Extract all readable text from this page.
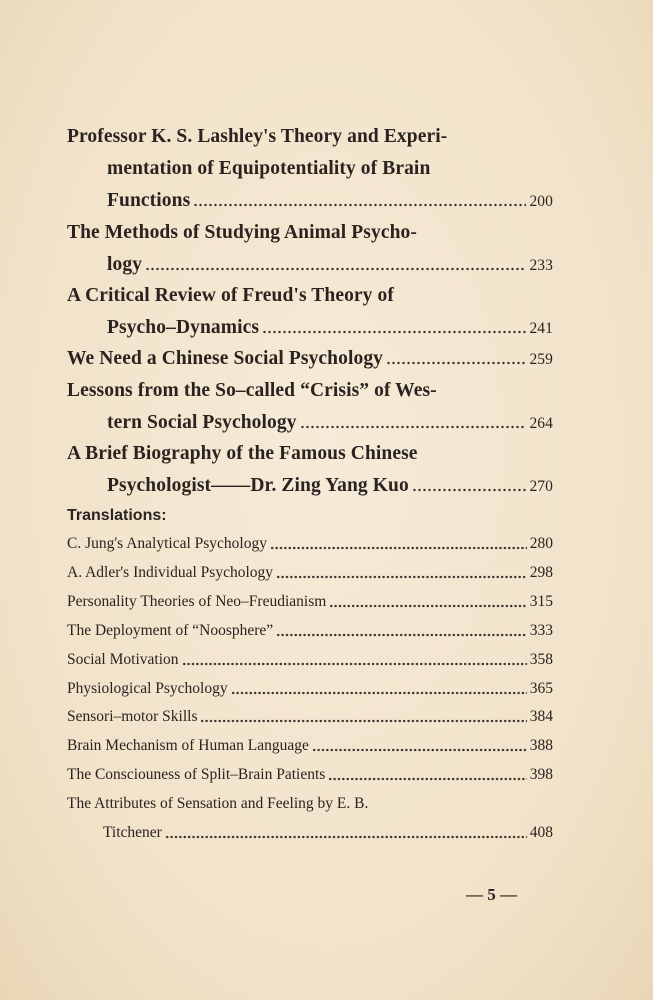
Professor K. S. Lashley's Theory and Experi-
mentation of Equipotentiality of Brain
Functions	200
The Methods of Studying Animal Psycho-
logy	233
A Critical Review of Freud's Theory of
Psycho–Dynamics	241
We Need a Chinese Social Psychology	259
Lessons from the So–called “Crisis” of Wes-
tern Social Psychology	264
A Brief Biography of the Famous Chinese
Psychologist——Dr. Zing Yang Kuo	270
Translations:
C. Jung's Analytical Psychology	280
A. Adler's Individual Psychology	298
Personality Theories of Neo–Freudianism	315
The Deployment of “Noosphere”	333
Social Motivation	358
Physiological Psychology	365
Sensori–motor Skills	384
Brain Mechanism of Human Language	388
The Consciouness of Split–Brain Patients	398
The Attributes of Sensation and Feeling by E. B.
Titchener	408
— 5 —
